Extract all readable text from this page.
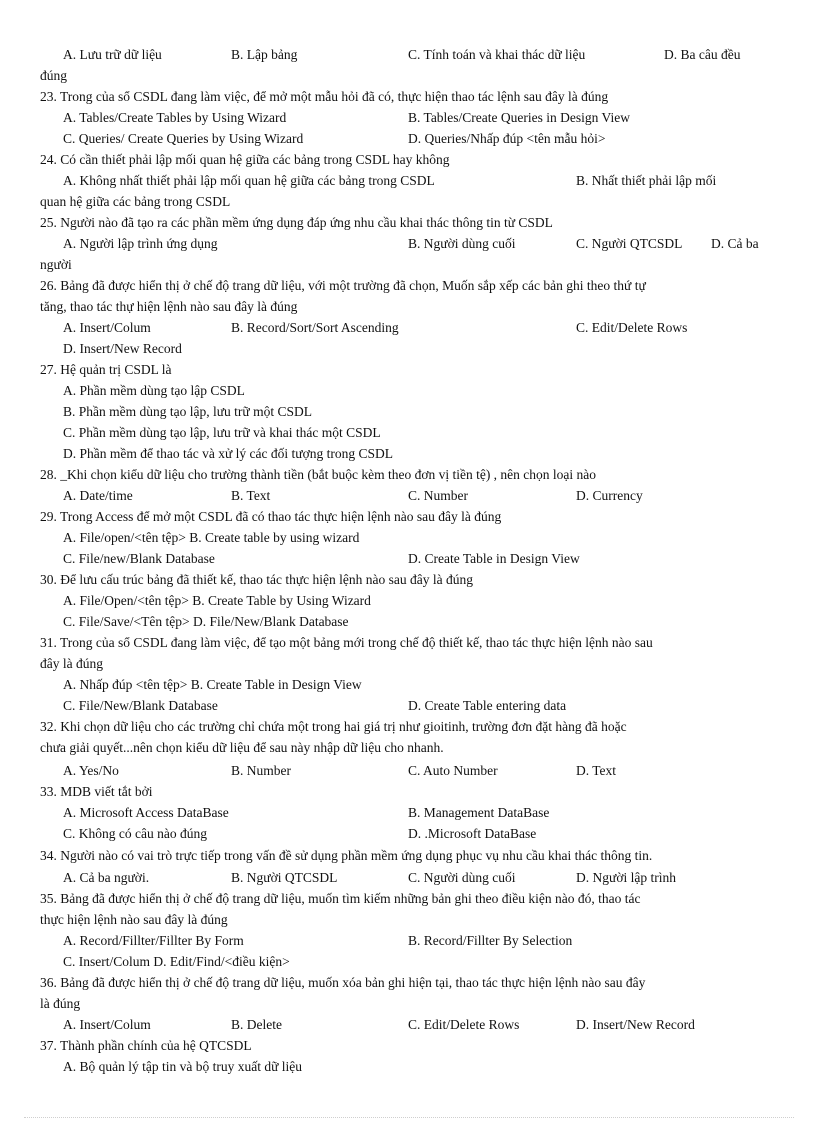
A. Lưu trữ dữ liệu	B. Lập bảng	C. Tính toán và khai thác dữ liệu	D. Ba câu đều
đúng
23. Trong của sổ CSDL đang làm việc, để mở một mẫu hỏi đã có, thực hiện thao tác lệnh sau đây là đúng
A. Tables/Create Tables by Using Wizard	B. Tables/Create Queries in Design View
C. Queries/ Create Queries by Using Wizard	D. Queries/Nhấp đúp <tên mẫu hỏi>
24. Có cần thiết phải lập mối quan hệ giữa các bảng trong CSDL hay không
A. Không nhất thiết phải lập mối quan hệ giữa các bảng trong CSDL	B. Nhất thiết phải lập mối
quan hệ giữa các bảng trong CSDL
25. Người nào đã tạo ra các phần mềm ứng dụng đáp ứng nhu cầu khai thác thông tin từ CSDL
A. Người lập trình ứng dụng	B. Người dùng cuối	C. Người QTCSDL D. Cả ba
người
26. Bảng đã được hiển thị ở chế độ trang dữ liệu, với một trường đã chọn, Muốn sắp xếp các bản ghi theo thứ tự
tăng, thao tác thự hiện lệnh nào sau đây là đúng
A. Insert/Colum	B. Record/Sort/Sort Ascending	C. Edit/Delete Rows
D. Insert/New Record
27. Hệ quản trị CSDL là
A. Phần mềm dùng tạo lập CSDL
B. Phần mềm dùng tạo lập, lưu trữ một CSDL
C. Phần mềm dùng tạo lập, lưu trữ và khai thác một CSDL
D. Phần mềm để thao tác và xử lý các đối tượng trong CSDL
28. _Khi chọn kiểu dữ liệu cho trường thành tiền (bắt buộc kèm theo đơn vị tiền tệ) , nên chọn loại nào
A. Date/time	B. Text	C. Number	D. Currency
29. Trong Access để mở một CSDL đã có thao tác thực hiện lệnh nào sau đây là đúng
A. File/open/<tên tệp> B. Create table by using wizard
C. File/new/Blank Database	D. Create Table in Design View
30. Để lưu cấu trúc bảng đã thiết kế, thao tác thực hiện lệnh nào sau đây là đúng
A. File/Open/<tên tệp> B. Create Table by Using Wizard
C. File/Save/<Tên tệp> D. File/New/Blank Database
31. Trong của sổ CSDL đang làm việc, để tạo một bảng mới trong chế độ thiết kế, thao tác thực hiện lệnh nào sau
đây là đúng
A. Nhấp đúp <tên tệp> B. Create Table in Design View
C. File/New/Blank Database	D. Create Table entering data
32. Khi chọn dữ liệu cho các trường chỉ chứa một trong hai giá trị như gioitinh, trường đơn đặt hàng đã hoặc
chưa giải quyết...nên chọn kiểu dữ liệu để sau này nhập dữ liệu cho nhanh.
A. Yes/No	B. Number	C. Auto Number	D. Text
33. MDB viết tắt bởi
A. Microsoft Access DataBase	B. Management DataBase
C. Không có câu nào đúng	D. .Microsoft DataBase
34. Người nào có vai trò trực tiếp trong vấn đề sử dụng phần mềm ứng dụng phục vụ nhu cầu khai thác thông tin.
A. Cả ba người.	B. Người QTCSDL	C. Người dùng cuối	D. Người lập trình
35. Bảng đã được hiển thị ở chế độ trang dữ liệu, muốn tìm kiếm những bản ghi theo điều kiện nào đó, thao tác
thực hiện lệnh nào sau đây là đúng
A. Record/Fillter/Fillter By Form	B. Record/Fillter By Selection
C. Insert/Colum D. Edit/Find/<điều kiện>
36. Bảng đã được hiển thị ở chế độ trang dữ liệu, muốn xóa bản ghi hiện tại, thao tác thực hiện lệnh nào sau đây
là đúng
A. Insert/Colum	B. Delete	C. Edit/Delete Rows	D. Insert/New Record
37. Thành phần chính của hệ QTCSDL
A. Bộ quản lý tập tin và bộ truy xuất dữ liệu
